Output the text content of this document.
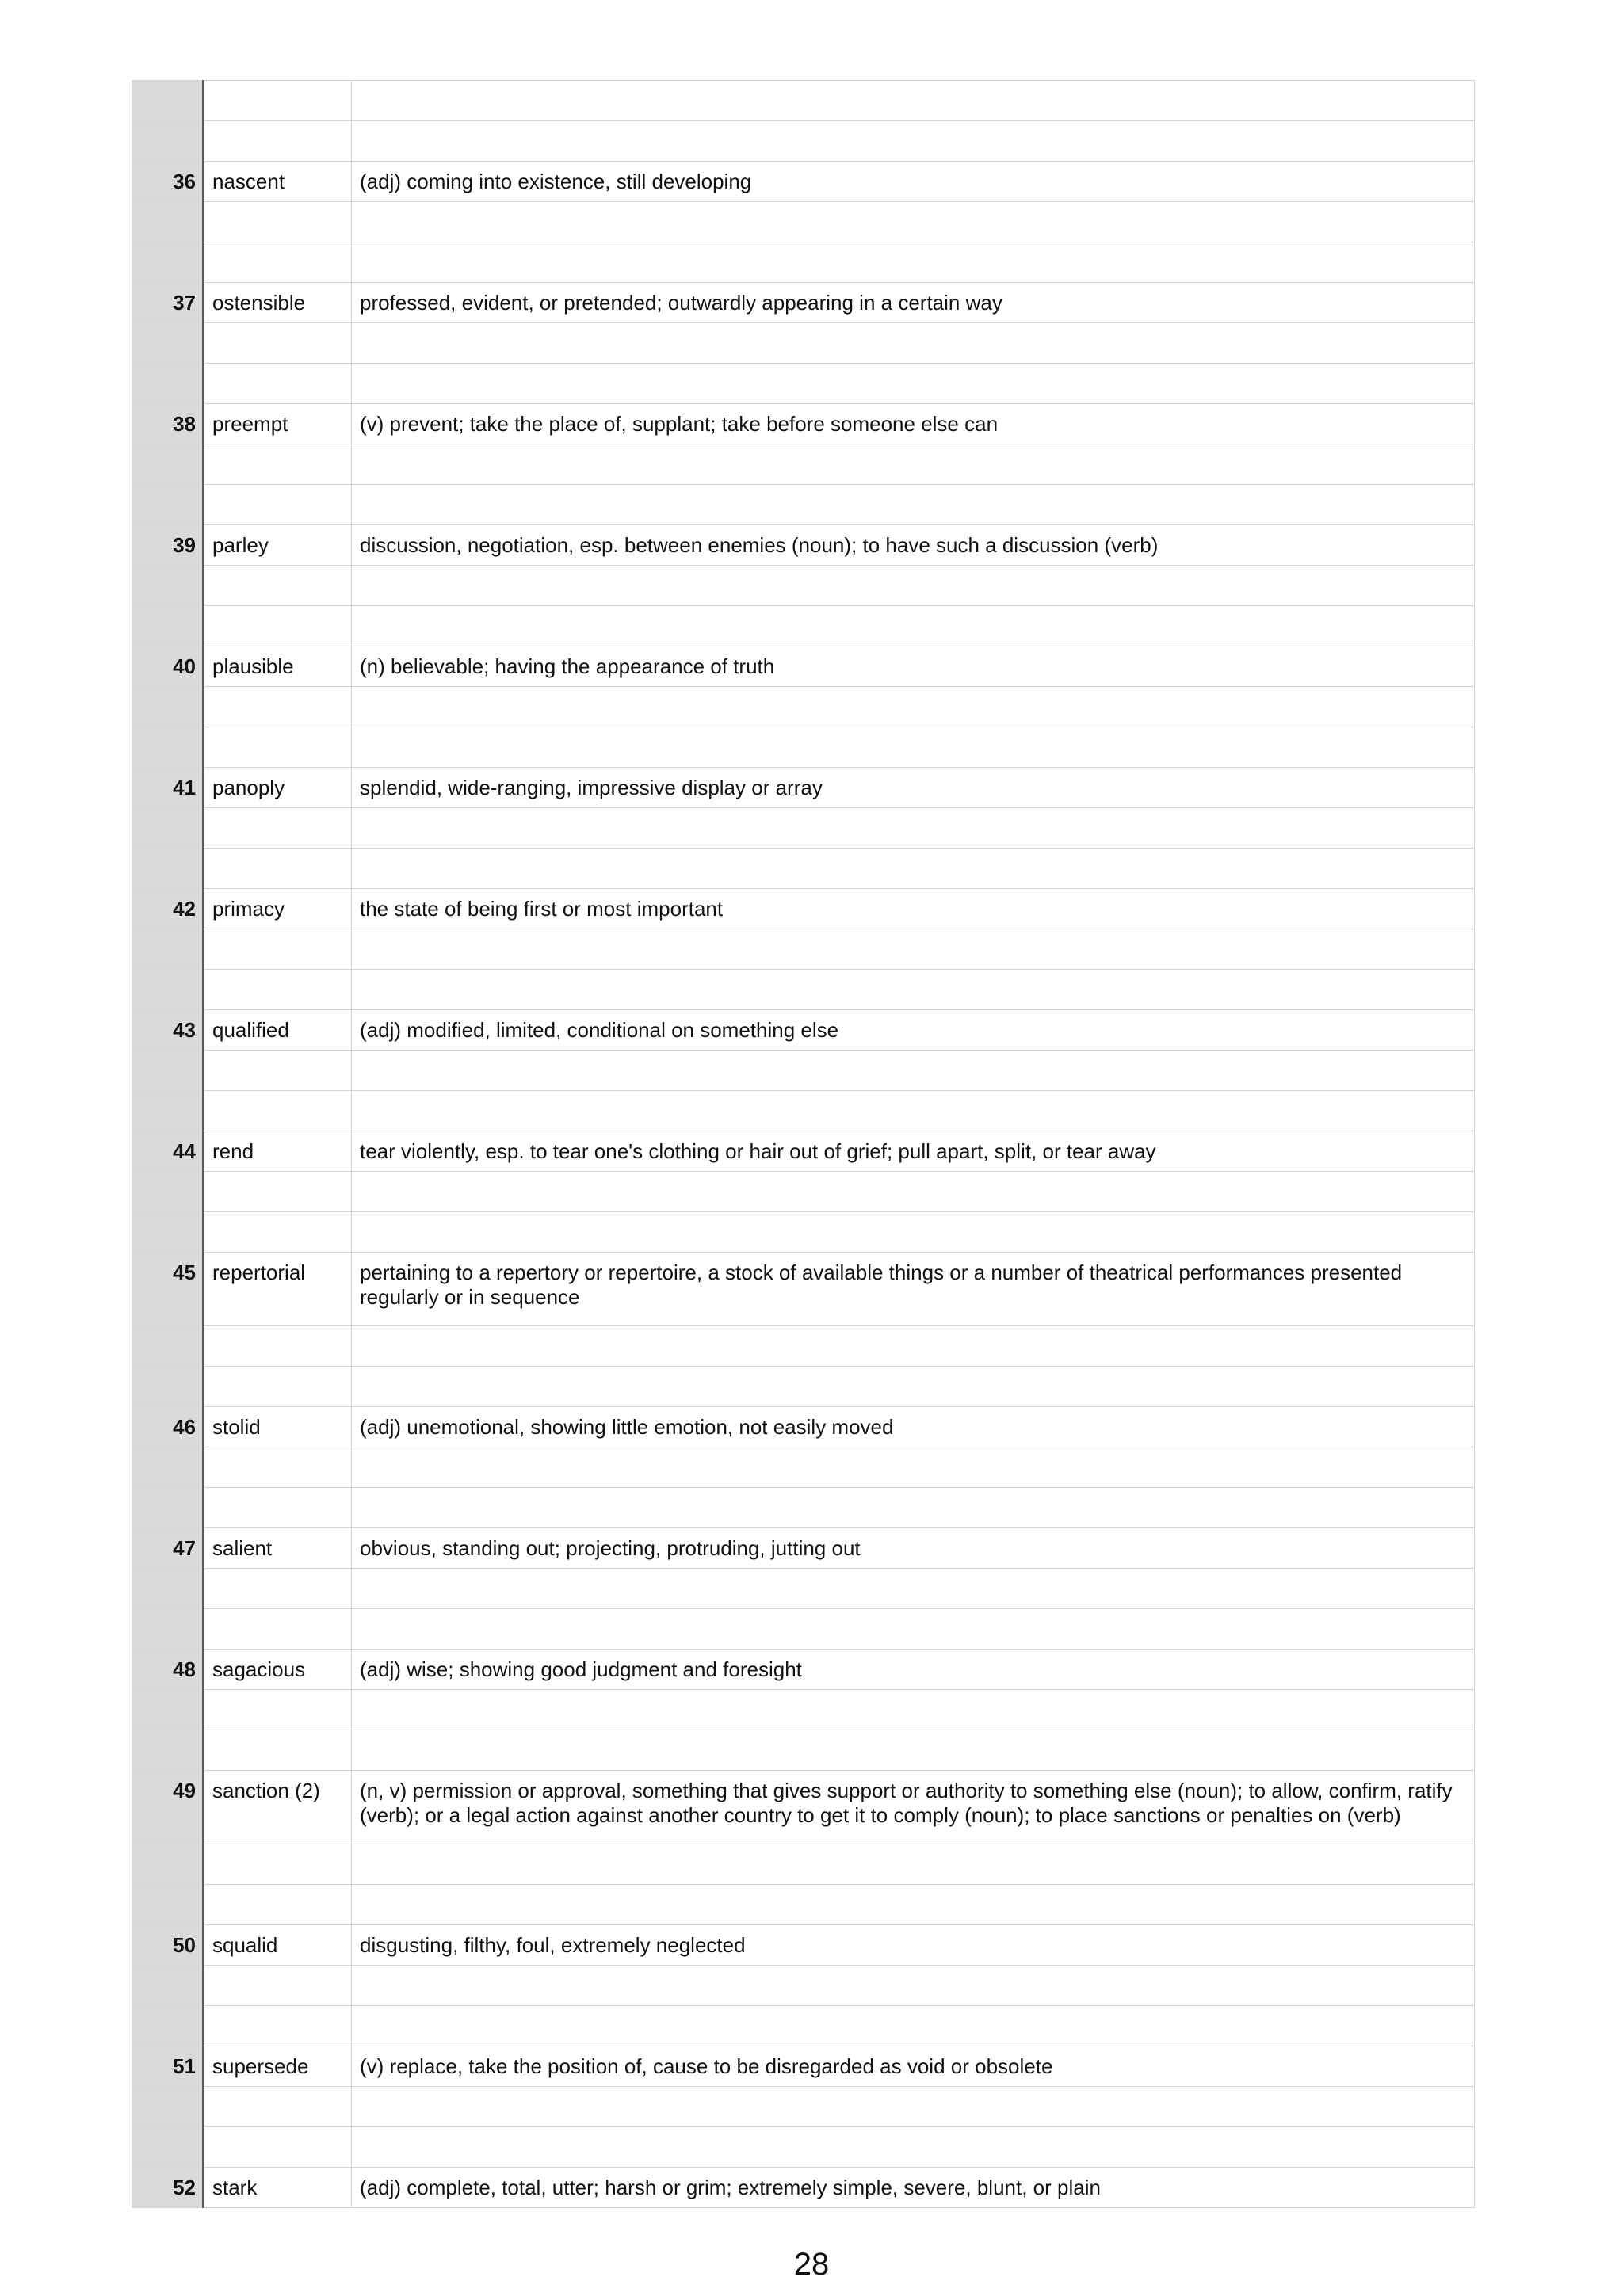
36	nascent	(adj) coming into existence, still developing

37	ostensible	professed, evident, or pretended; outwardly appearing in a certain way

38	preempt	(v) prevent; take the place of, supplant; take before someone else can

39	parley	discussion, negotiation, esp. between enemies (noun); to have such a discussion (verb)

40	plausible	(n) believable; having the appearance of truth

41	panoply	splendid, wide-ranging, impressive display or array

42	primacy	the state of being first or most important

43	qualified	(adj) modified, limited, conditional on something else

44	rend	tear violently, esp. to tear one's clothing or hair out of grief; pull apart, split, or tear away

45	repertorial	pertaining to a repertory or repertoire, a stock of available things or a number of theatrical performances presented regularly or in sequence

46	stolid	(adj) unemotional, showing little emotion, not easily moved

47	salient	obvious, standing out; projecting, protruding, jutting out

48	sagacious	(adj) wise; showing good judgment and foresight

49	sanction (2)	(n, v) permission or approval, something that gives support or authority to something else (noun); to allow, confirm, ratify (verb); or a legal action against another country to get it to comply (noun); to place sanctions or penalties on (verb)

50	squalid	disgusting, filthy, foul, extremely neglected

51	supersede	(v) replace, take the position of, cause to be disregarded as void or obsolete

52	stark	(adj) complete, total, utter; harsh or grim; extremely simple, severe, blunt, or plain
28
